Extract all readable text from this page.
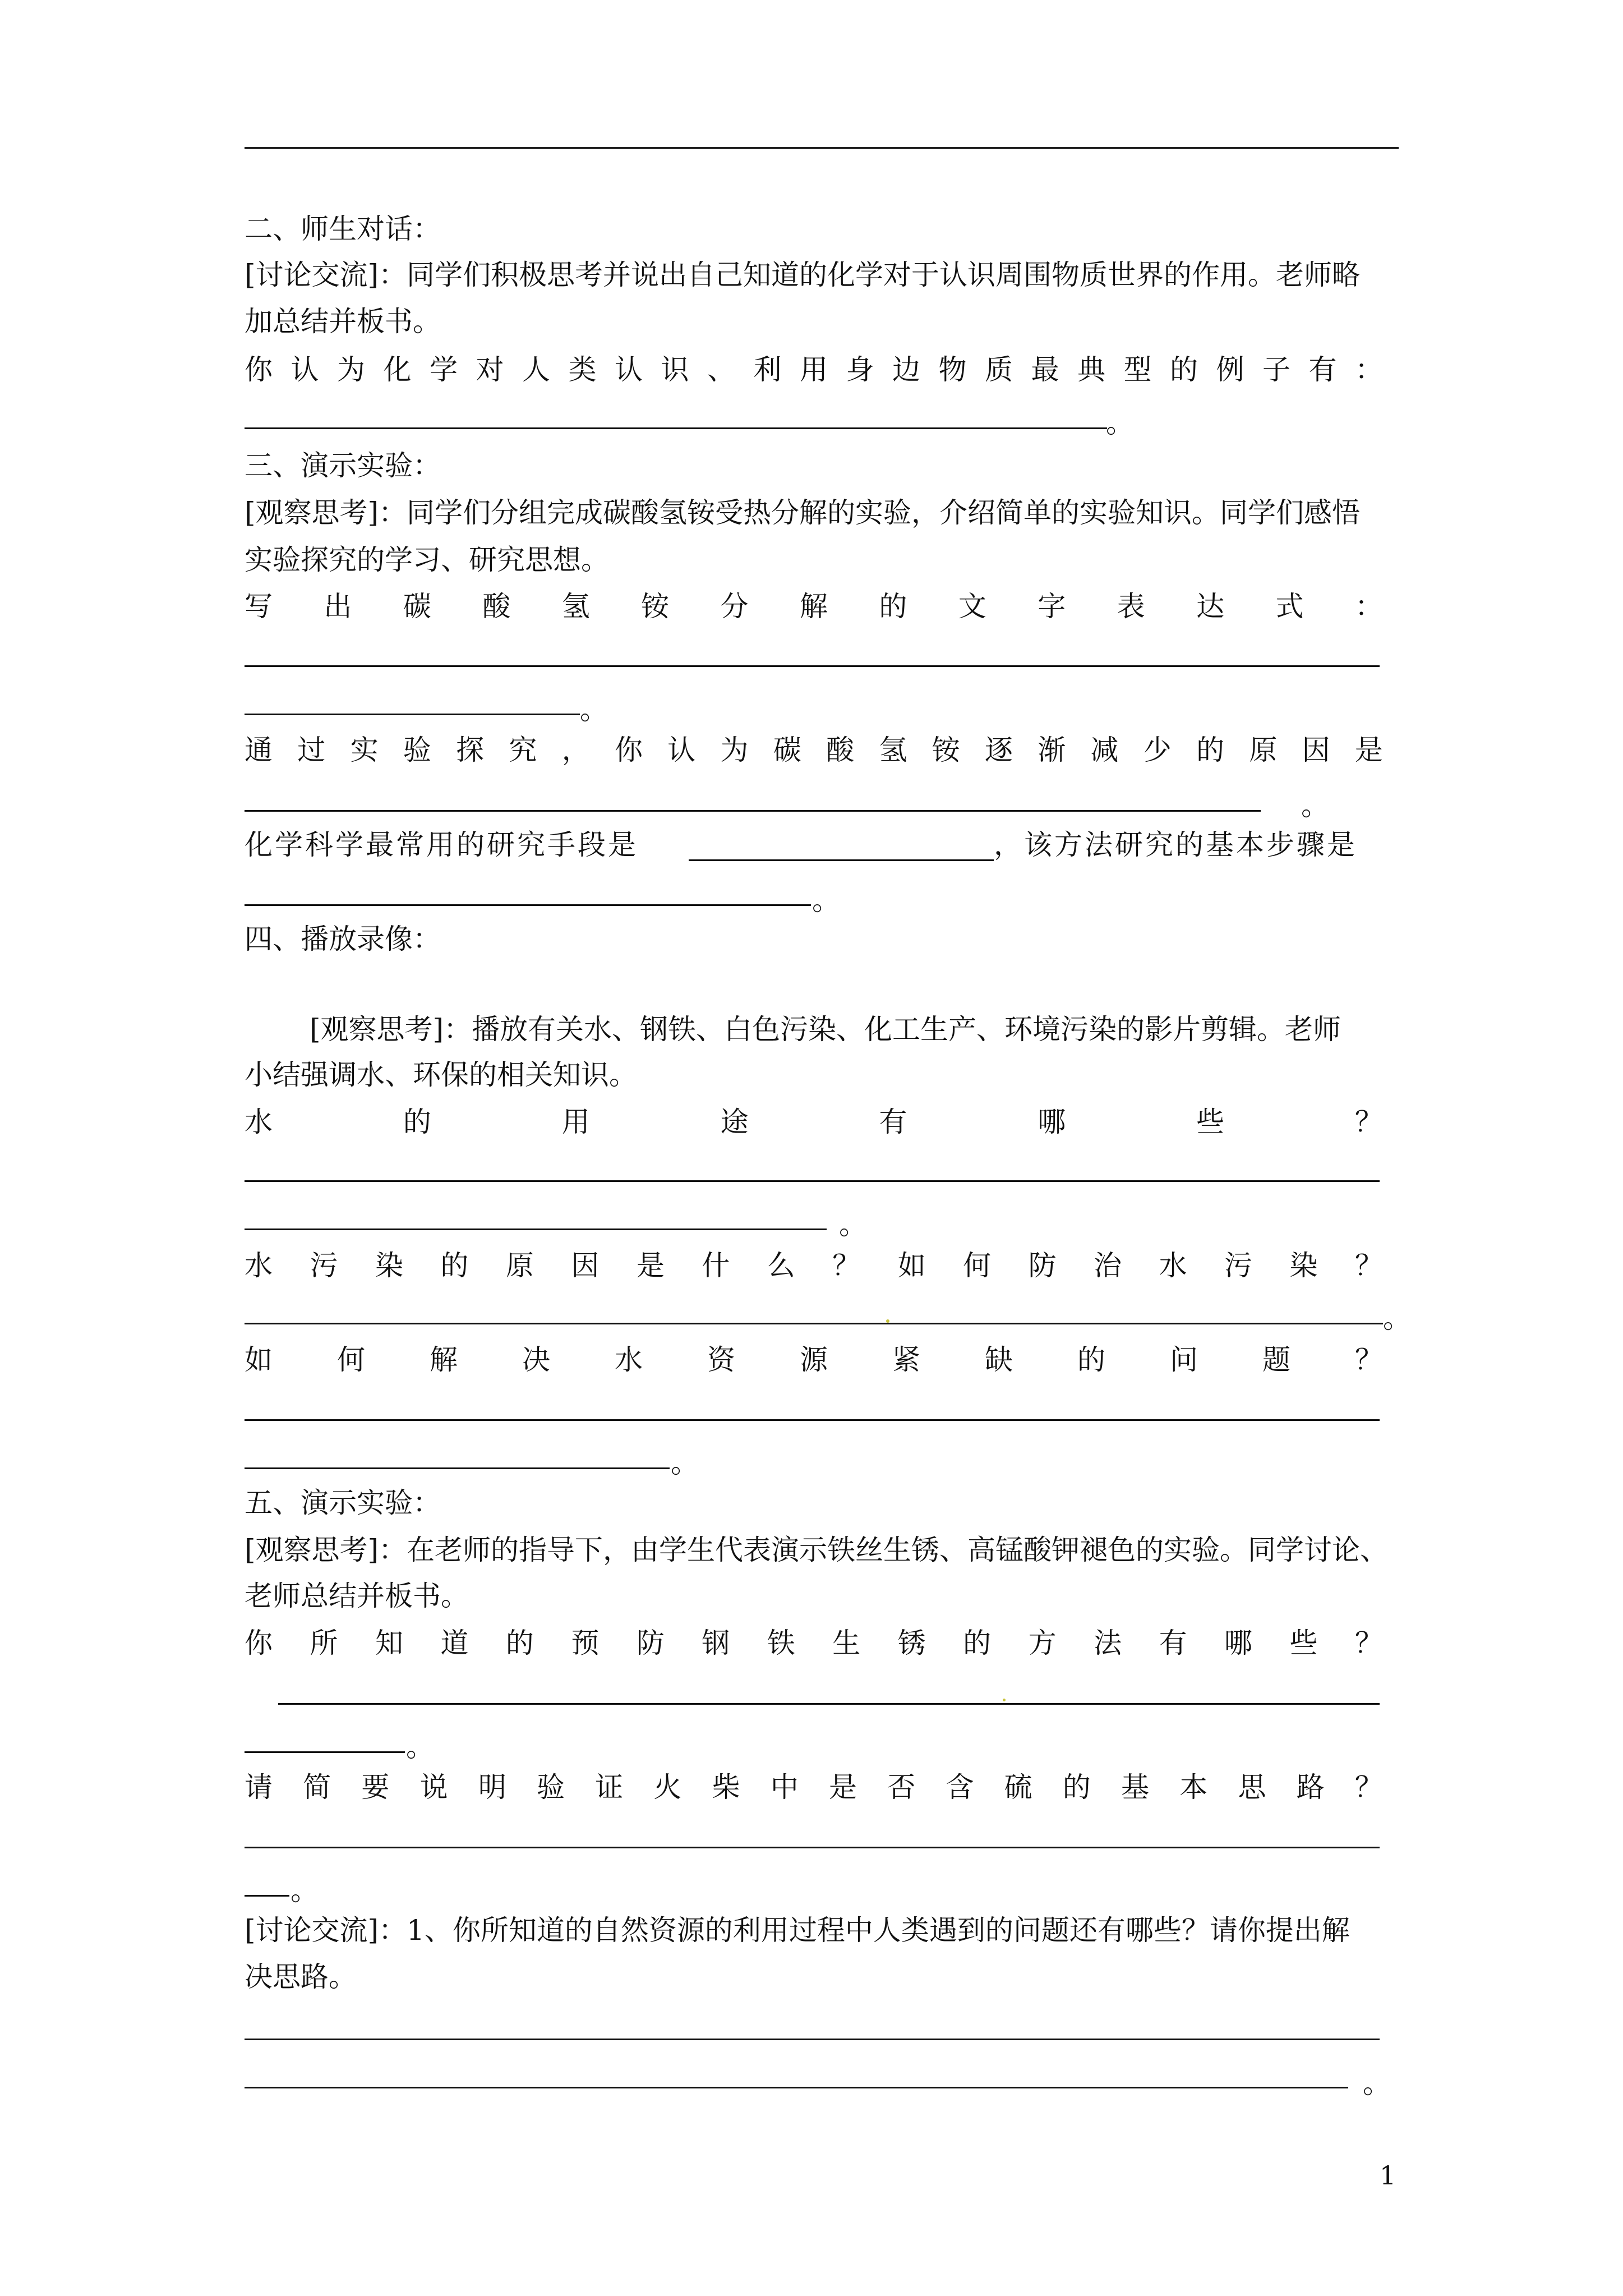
二、师生对话：
[讨论交流]：同学们积极思考并说出自己知道的化学对于认识周围物质世界的作用。老师略
加总结并板书。
你 认 为 化 学 对 人 类 认 识 、 利 用 身 边 物 质 最 典 型 的 例 子 有 ：
。
三、演示实验：
[观察思考]：同学们分组完成碳酸氢铵受热分解的实验，介绍简单的实验知识。同学们感悟
实验探究的学习、研究思想。
写 出 碳 酸 氢 铵 分 解 的 文 字 表 达 式 ：
。
通 过 实 验 探 究 ， 你 认 为 碳 酸 氢 铵 逐 渐 减 少 的 原 因 是
。
化学科学最常用的研究手段是	，该方法研究的基本步骤是
。
四、播放录像：
[观察思考]：播放有关水、钢铁、白色污染、化工生产、环境污染的影片剪辑。老师
小结强调水、环保的相关知识。
水	的	用	途	有	哪	些	？
。
水 污 染 的 原 因 是 什 么 ？ 如 何 防 治 水 污 染 ？
。
如 何 解 决 水 资 源 紧 缺 的 问 题 ？
。
五、演示实验：
[观察思考]：在老师的指导下，由学生代表演示铁丝生锈、高锰酸钾褪色的实验。同学讨论、
老师总结并板书。
你 所 知 道 的 预 防 钢 铁 生 锈 的 方 法 有 哪 些 ？
。
请 简 要 说 明 验 证 火 柴 中 是 否 含 硫 的 基 本 思 路 ？
。
[讨论交流]：1、你所知道的自然资源的利用过程中人类遇到的问题还有哪些？请你提出解
决思路。
。
1
